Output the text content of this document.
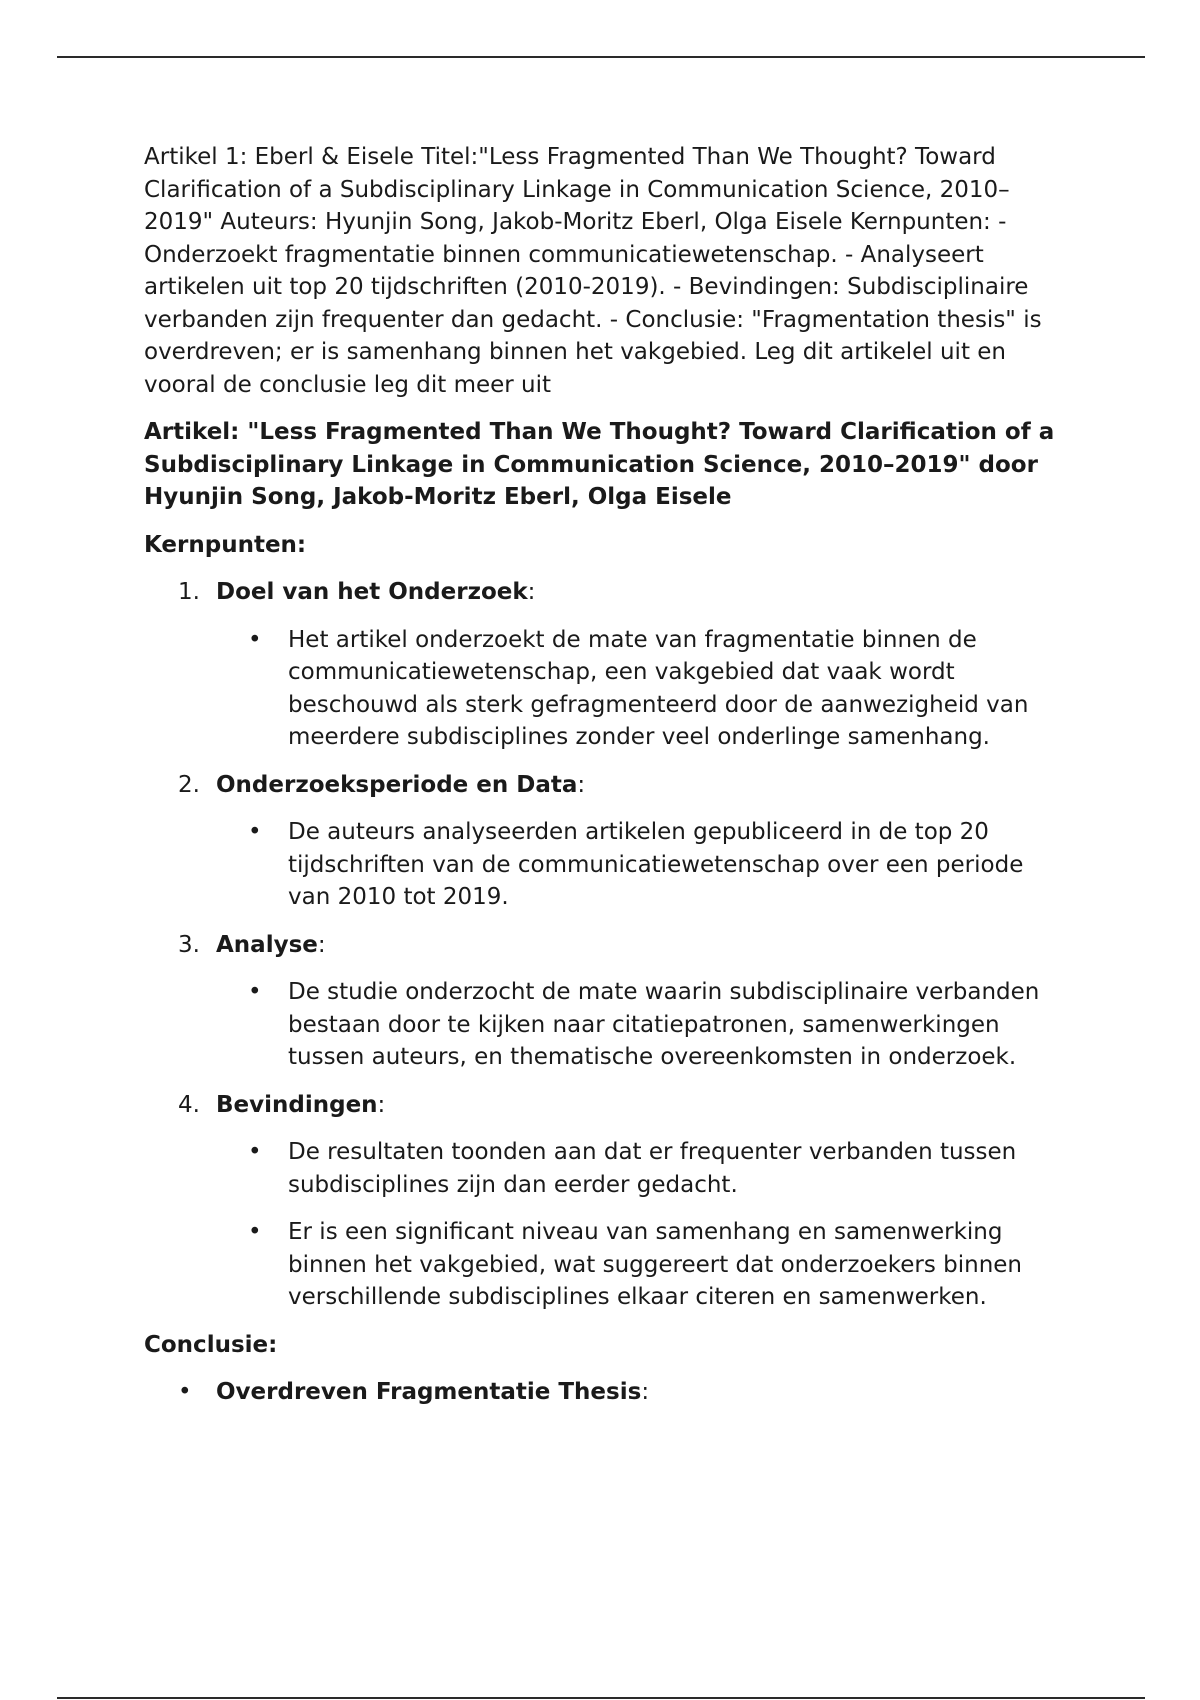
Artikel 1: Eberl & Eisele Titel:"Less Fragmented Than We Thought? Toward Clarification of a Subdisciplinary Linkage in Communication Science, 2010–2019" Auteurs: Hyunjin Song, Jakob-Moritz Eberl, Olga Eisele Kernpunten: - Onderzoekt fragmentatie binnen communicatiewetenschap. - Analyseert artikelen uit top 20 tijdschriften (2010-2019). - Bevindingen: Subdisciplinaire verbanden zijn frequenter dan gedacht. - Conclusie: "Fragmentation thesis" is overdreven; er is samenhang binnen het vakgebied. Leg dit artikelel uit en vooral de conclusie leg dit meer uit

Artikel: "Less Fragmented Than We Thought? Toward Clarification of a Subdisciplinary Linkage in Communication Science, 2010–2019" door Hyunjin Song, Jakob-Moritz Eberl, Olga Eisele

Kernpunten:

1. Doel van het Onderzoek:
• Het artikel onderzoekt de mate van fragmentatie binnen de communicatiewetenschap, een vakgebied dat vaak wordt beschouwd als sterk gefragmenteerd door de aanwezigheid van meerdere subdisciplines zonder veel onderlinge samenhang.
2. Onderzoeksperiode en Data:
• De auteurs analyseerden artikelen gepubliceerd in de top 20 tijdschriften van de communicatiewetenschap over een periode van 2010 tot 2019.
3. Analyse:
• De studie onderzocht de mate waarin subdisciplinaire verbanden bestaan door te kijken naar citatiepatronen, samenwerkingen tussen auteurs, en thematische overeenkomsten in onderzoek.
4. Bevindingen:
• De resultaten toonden aan dat er frequenter verbanden tussen subdisciplines zijn dan eerder gedacht.
• Er is een significant niveau van samenhang en samenwerking binnen het vakgebied, wat suggereert dat onderzoekers binnen verschillende subdisciplines elkaar citeren en samenwerken.

Conclusie:

• Overdreven Fragmentatie Thesis:
